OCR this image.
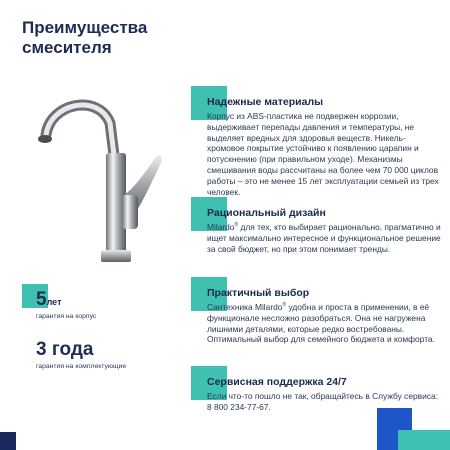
Преимущества смесителя
Надежные материалы

Корпус из ABS-пластика не подвержен коррозии, выдерживает перепады давления и температуры, не выделяет вредных для здоровья веществ. Никель-хромовое покрытие устойчиво к появлению царапин и потускнению (при правильном уходе). Механизмы смешивания воды рассчитаны на более чем 70 000 циклов работы – это не менее 15 лет эксплуатации семьей из трех человек.

Рациональный дизайн

Milardo® для тех, кто выбирает рационально, прагматично и ищет максимально интересное и функциональное решение за свой бюджет, но при этом понимает тренды.

Практичный выбор

Сантехника Milardo® удобна и проста в применении, в её функционале несложно разобраться. Она не нагружена лишними деталями, которые редко востребованы. Оптимальный выбор для семейного бюджета и комфорта.

Сервисная поддержка 24/7

Если что-то пошло не так, обращайтесь в Службу сервиса: 8 800 234-77-67.

5лет
гарантия на корпус
3 года
гарантия на комплектующие
